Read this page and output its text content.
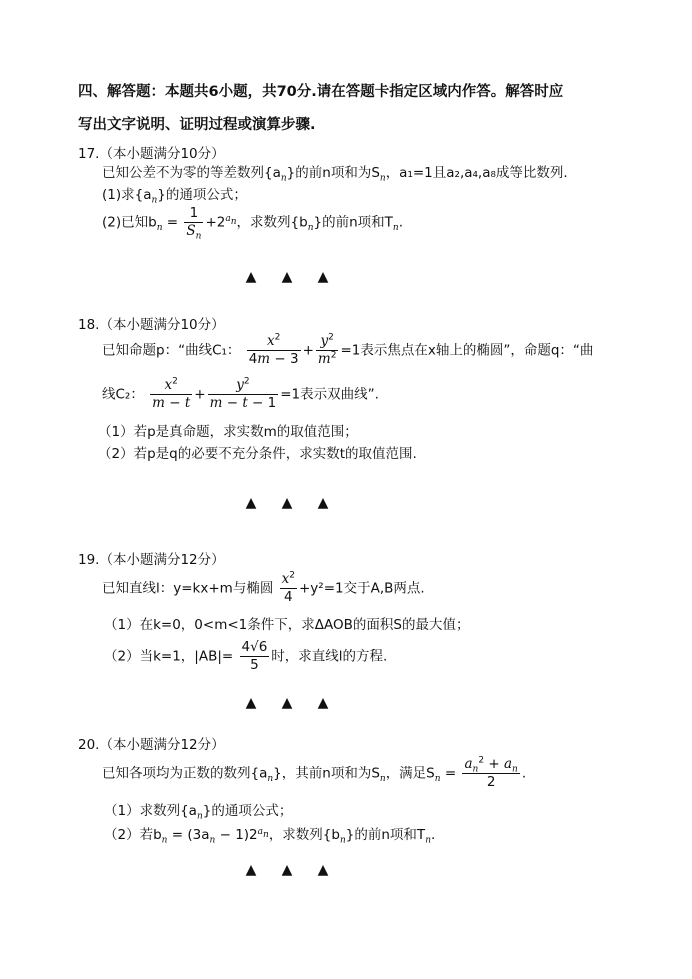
四、解答题：本题共6小题，共70分.请在答题卡指定区域内作答。解答时应
写出文字说明、证明过程或演算步骤.
17.（本小题满分10分）
已知公差不为零的等差数列$\{a_n\}$的前n项和为$S_n$，a₁=1且a₂,a₄,a₈成等比数列.
(1)求$\{a_n\}$的通项公式；
(2)已知$b_n = \frac{1}{S_n} +2^{a_n}$，求数列$\{b_n\}$的前n项和$T_n$.
▲ ▲ ▲
18.（本小题满分10分）
已知命题p：“曲线C₁： $\frac{x^2}{4m - 3} + \frac{y^2}{m^2} =1$表示焦点在x轴上的椭圆”，命题q：“曲
线C₂： $\frac{x^2}{m - t} + \frac{y^2}{m - t - 1} =1$表示双曲线”.
（1）若p是真命题，求实数m的取值范围；
（2）若p是q的必要不充分条件，求实数t的取值范围.
▲ ▲ ▲
19.（本小题满分12分）
已知直线l：y=kx+m与椭圆 $\frac{x^2}{4} +y^2=1$交于A,B两点.
（1）在k=0，0<m<1条件下，求ΔAOB的面积S的最大值；
（2）当k=1，$|AB|= \frac{4√6}{5}$ 时，求直线l的方程.
▲ ▲ ▲
20.（本小题满分12分）
已知各项均为正数的数列$\{a_n\}$，其前n项和为$S_n$，满足$S_n = \frac{a_n^2 + a_n}{2}$ .
（1）求数列$\{a_n\}$的通项公式；
（2）若$b_n = (3a_n - 1)2^{a_n}$，求数列$\{b_n\}$的前n项和$T_n$.
▲ ▲ ▲
